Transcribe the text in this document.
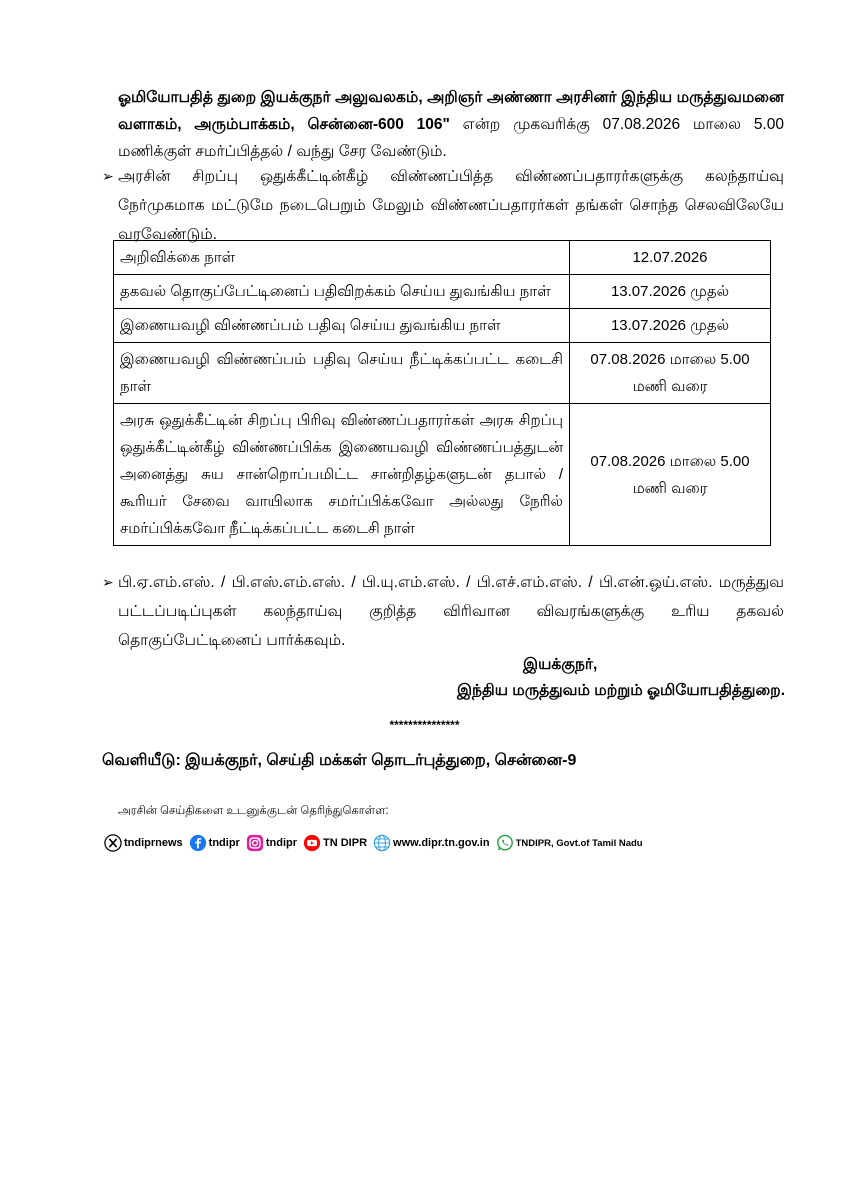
ஓமியோபதித் துறை இயக்குநர் அலுவலகம், அறிஞர் அண்ணா அரசினர் இந்திய மருத்துவமனை வளாகம், அரும்பாக்கம், சென்னை-600 106" என்ற முகவரிக்கு 07.08.2026 மாலை 5.00 மணிக்குள் சமர்ப்பித்தல் / வந்து சேர வேண்டும்.
➢ அரசின் சிறப்பு ஒதுக்கீட்டின்கீழ் விண்ணப்பித்த விண்ணப்பதாரர்களுக்கு கலந்தாய்வு நேர்முகமாக மட்டுமே நடைபெறும் மேலும் விண்ணப்பதாரர்கள் தங்கள் சொந்த செலவிலேயே வரவேண்டும்.
அறிவிக்கை நாள்	12.07.2026
தகவல் தொகுப்பேட்டினைப் பதிவிறக்கம் செய்ய துவங்கிய நாள்	13.07.2026 முதல்
இணையவழி விண்ணப்பம் பதிவு செய்ய துவங்கிய நாள்	13.07.2026 முதல்
இணையவழி விண்ணப்பம் பதிவு செய்ய நீட்டிக்கப்பட்ட கடைசி நாள்	07.08.2026 மாலை 5.00 மணி வரை
அரசு ஒதுக்கீட்டின் சிறப்பு பிரிவு விண்ணப்பதாரர்கள் அரசு சிறப்பு ஒதுக்கீட்டின்கீழ் விண்ணப்பிக்க இணையவழி விண்ணப்பத்துடன் அனைத்து சுய சான்றொப்பமிட்ட சான்றிதழ்களுடன் தபால் / கூரியர் சேவை வாயிலாக சமர்ப்பிக்கவோ அல்லது நேரில் சமர்ப்பிக்கவோ நீட்டிக்கப்பட்ட கடைசி நாள்	07.08.2026 மாலை 5.00 மணி வரை
➢ பி.ஏ.எம்.எஸ். / பி.எஸ்.எம்.எஸ். / பி.யு.எம்.எஸ். / பி.எச்.எம்.எஸ். / பி.என்.ஒய்.எஸ். மருத்துவ பட்டப்படிப்புகள் கலந்தாய்வு குறித்த விரிவான விவரங்களுக்கு உரிய தகவல் தொகுப்பேட்டினைப் பார்க்கவும்.
இயக்குநர்,
இந்திய மருத்துவம் மற்றும் ஓமியோபதித்துறை.
***************
வெளியீடு: இயக்குநர், செய்தி மக்கள் தொடர்புத்துறை, சென்னை-9
அரசின் செய்திகளை உடனுக்குடன் தெரிந்துகொள்ள:
tndiprnews tndipr tndipr TN DIPR www.dipr.tn.gov.in	TNDIPR, Govt.of Tamil Nadu
